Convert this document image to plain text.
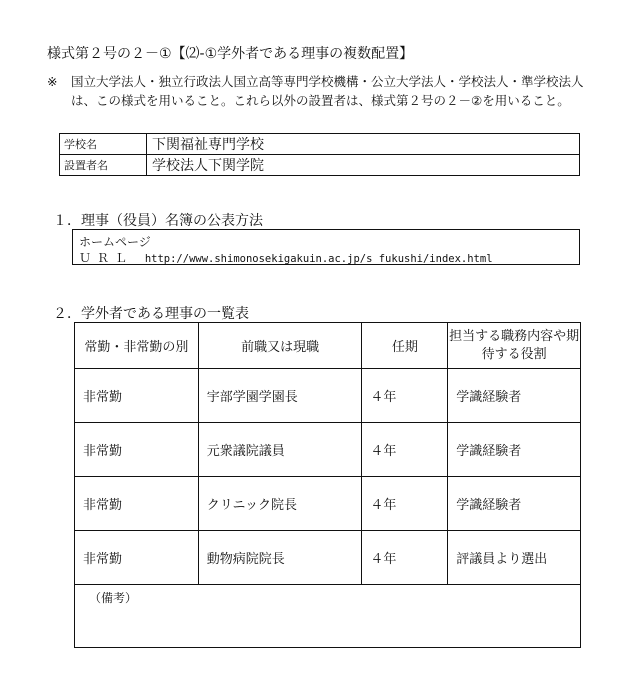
様式第２号の２－①【⑵-①学外者である理事の複数配置】
※ 国立大学法人・独立行政法人国立高等専門学校機構・公立大学法人・学校法人・準学校法人は、この様式を用いること。これら以外の設置者は、様式第２号の２－②を用いること。
学校名	下関福祉専門学校
設置者名	学校法人下関学院
１．理事（役員）名簿の公表方法
ホームページ
ＵＲＬ http://www.shimonosekigakuin.ac.jp/s_fukushi/index.html
２．学外者である理事の一覧表
常勤・非常勤の別	前職又は現職	任期	担当する職務内容や期待する役割
非常勤	宇部学園学園長	４年	学識経験者
非常勤	元衆議院議員	４年	学識経験者
非常勤	クリニック院長	４年	学識経験者
非常勤	動物病院院長	４年	評議員より選出
（備考）			
